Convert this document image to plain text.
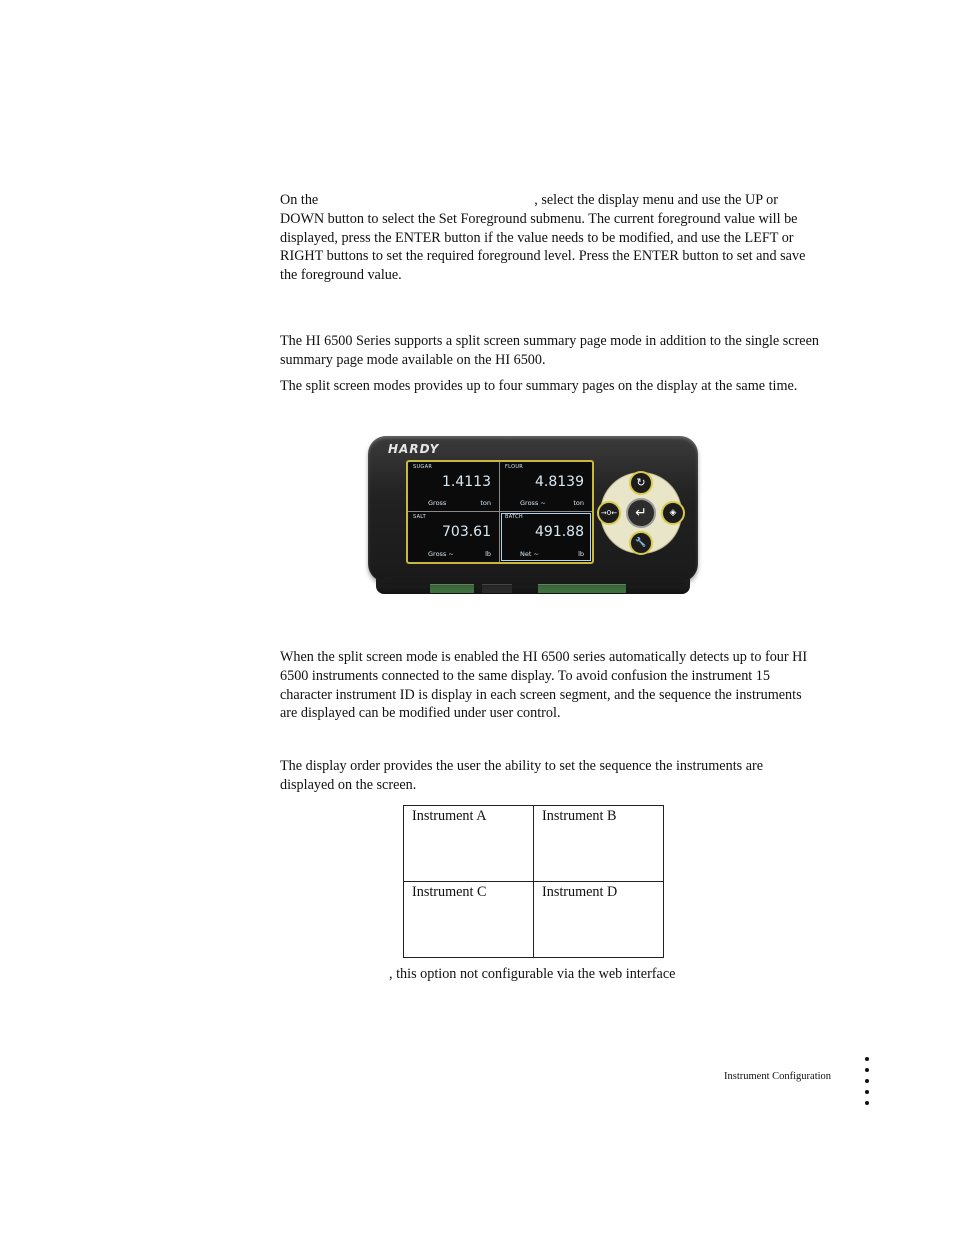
On the	, select the display menu and use the UP or DOWN button to select the Set Foreground submenu. The current foreground value will be displayed, press the ENTER button if the value needs to be modified, and use the LEFT or RIGHT buttons to set the required foreground level. Press the ENTER button to set and save the foreground value.

The HI 6500 Series supports a split screen summary page mode in addition to the single screen summary page mode available on the HI 6500.

The split screen modes provides up to four summary pages on the display at the same time.

HARDY
SUGAR
1.4113
Gross	ton
FLOUR
4.8139
Gross ~	ton
SALT
703.61
Gross ~	lb
BATCH
491.88
Net ~	lb
↻
→0←	↵	◈
🔧

When the split screen mode is enabled the HI 6500 series automatically detects up to four HI 6500 instruments connected to the same display. To avoid confusion the instrument 15 character instrument ID is display in each screen segment, and the sequence the instruments are displayed can be modified under user control.

The display order provides the user the ability to set the sequence the instruments are displayed on the screen.

Instrument A	Instrument B
Instrument C	Instrument D

, this option not configurable via the web interface

Instrument Configuration
